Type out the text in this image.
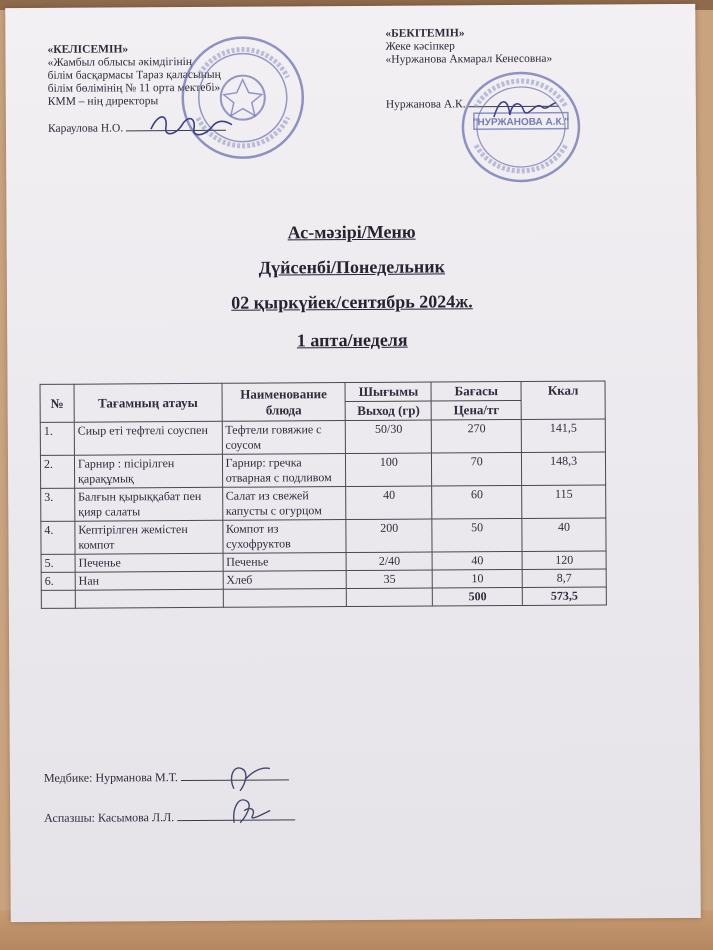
«КЕЛІСЕМІН»
«Жамбыл облысы әкімдігінің
білім басқармасы Тараз қаласының
білім бөлімінің № 11 орта мектебі»
КММ – нің директоры
Караулова Н.О.
«БЕКІТЕМІН»
Жеке кәсіпкер
«Нуржанова Акмарал Кенесовна»
Нуржанова А.К.
"НУРЖАНОВА А.К."
Ас-мәзірі/Меню
Дүйсенбі/Понедельник
02 қыркүйек/сентябрь 2024ж.
1 апта/неделя
№	Тағамның атауы	Наименование блюда	Шығымы	Бағасы	Ккал
			Выход (гр)	Цена/тг	
1.	Сиыр еті тефтелі соуспен	Тефтели говяжие с соусом	50/30	270	141,5
2.	Гарнир : пісірілген қарақұмық	Гарнир: гречка отварная с подливом	100	70	148,3
3.	Балғын қырыққабат пен қияр салаты	Салат из свежей капусты с огурцом	40	60	115
4.	Кептірілген жемістен компот	Компот из сухофруктов	200	50	40
5.	Печенье	Печенье	2/40	40	120
6.	Нан	Хлеб	35	10	8,7
				500	573,5
Медбике: Нурманова М.Т.
Аспазшы: Касымова Л.Л.
